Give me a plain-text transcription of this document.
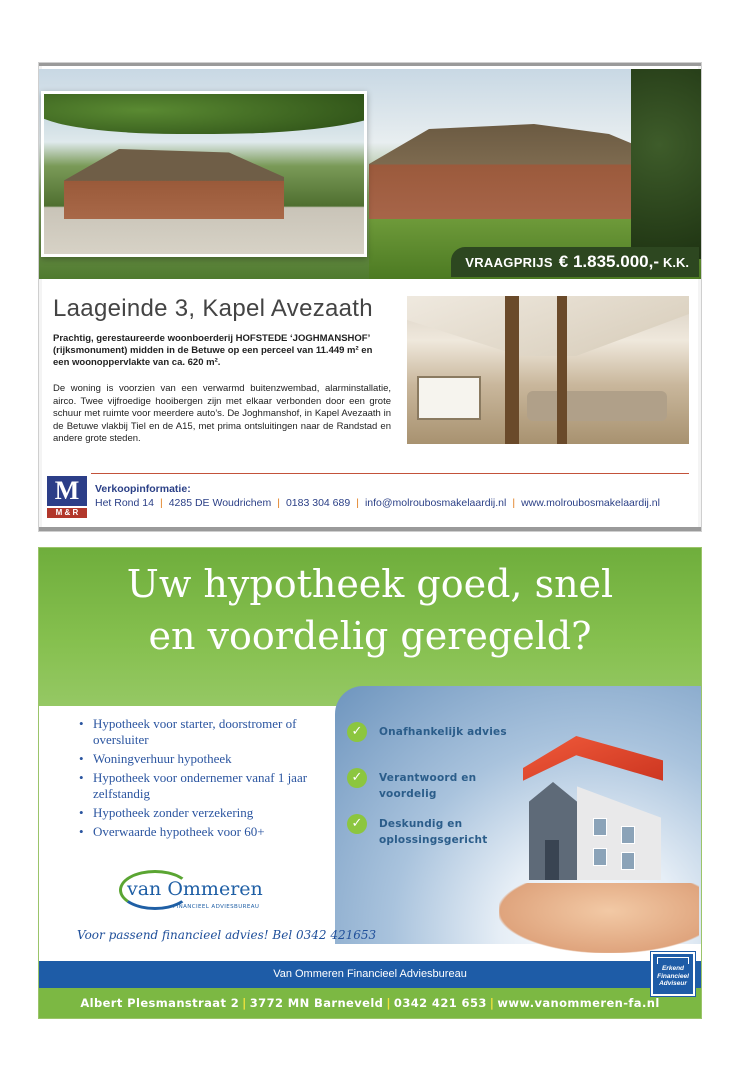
VRAAGPRIJS € 1.835.000,- K.K.
Laageinde 3, Kapel Avezaath

Prachtig, gerestaureerde woonboerderij HOFSTEDE ‘JOGHMANSHOF’ (rijksmonument) midden in de Betuwe op een perceel van 11.449 m² en een woonoppervlakte van ca. 620 m².

De woning is voorzien van een verwarmd buitenzwembad, alarminstallatie, airco. Twee vijfroedige hooibergen zijn met elkaar verbonden door een grote schuur met ruimte voor meerdere auto’s. De Joghmanshof, in Kapel Avezaath in de Betuwe vlakbij Tiel en de A15, met prima ontsluitingen naar de Randstad en andere grote steden.

M
M & R

Verkoopinformatie:

Het Rond 14 | 4285 DE Woudrichem | 0183 304 689 | info@molroubosmakelaardij.nl | www.molroubosmakelaardij.nl

Uw hypotheek goed, snel
en voordelig geregeld?
• Hypotheek voor starter, doorstromer of oversluiter
• Woningverhuur hypotheek
• Hypotheek voor ondernemer vanaf 1 jaar zelfstandig
• Hypotheek zonder verzekering
• Overwaarde hypotheek voor 60+
✓	Onafhankelijk advies

✓	Verantwoord en voordelig

✓	Deskundig en oplossingsgericht

van Ommeren

FINANCIEEL ADVIESBUREAU

Voor passend financieel advies! Bel 0342 421653

Van Ommeren Financieel Adviesbureau

Albert Plesmanstraat 2 | 3772 MN Barneveld | 0342 421 653 | www.vanommeren-fa.nl

Erkend

Financieel

Adviseur
